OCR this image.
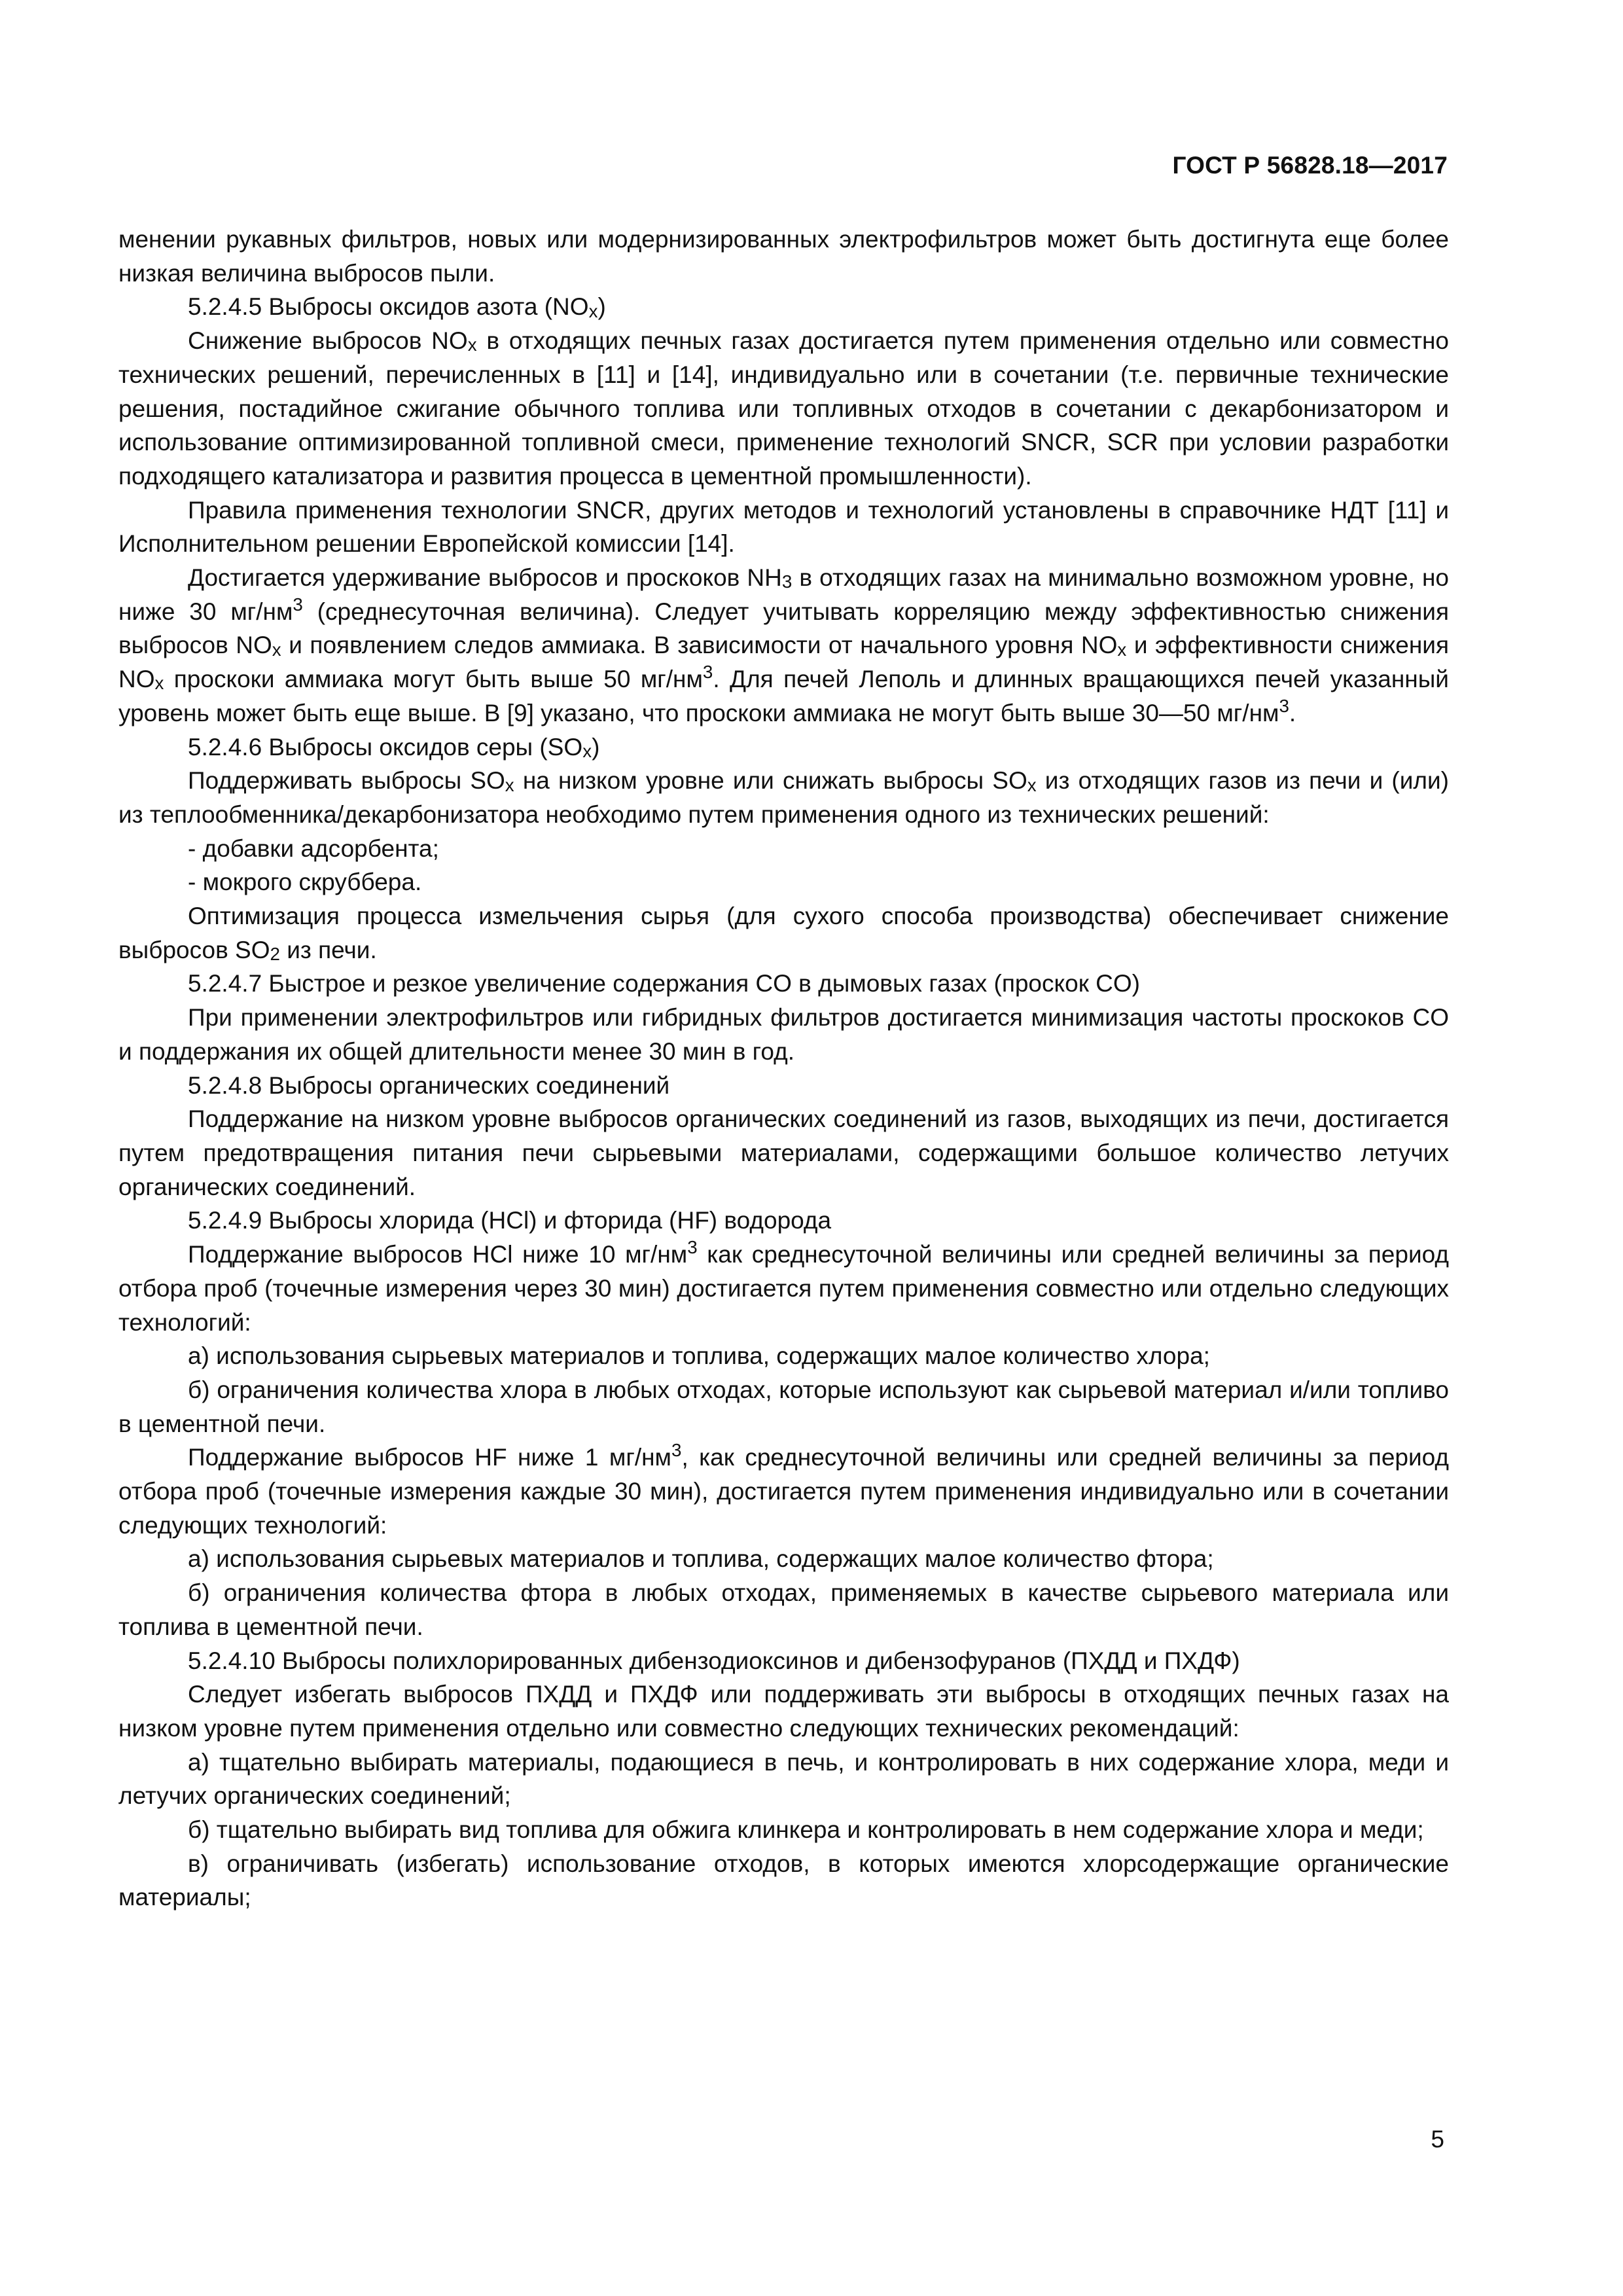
ГОСТ Р 56828.18—2017

менении рукавных фильтров, новых или модернизированных электрофильтров может быть достигнута еще более низкая величина выбросов пыли.

5.2.4.5 Выбросы оксидов азота $(NO_x)$

Снижение выбросов $NO_x$ в отходящих печных газах достигается путем применения отдельно или совместно технических решений, перечисленных в [11] и [14], индивидуально или в сочетании (т.е. первичные технические решения, постадийное сжигание обычного топлива или топливных отходов в сочетании с декарбонизатором и использование оптимизированной топливной смеси, применение технологий SNCR, SCR при условии разработки подходящего катализатора и развития процесса в цементной промышленности).

Правила применения технологии SNCR, других методов и технологий установлены в справочнике НДТ [11] и Исполнительном решении Европейской комиссии [14].

Достигается удерживание выбросов и проскоков $NH_3$ в отходящих газах на минимально возможном уровне, но ниже 30 $мг/нм^3$ (среднесуточная величина). Следует учитывать корреляцию между эффективностью снижения выбросов $NO_x$ и появлением следов аммиака. В зависимости от начального уровня $NO_x$ и эффективности снижения $NO_x$ проскоки аммиака могут быть выше 50 $мг/нм^3$. Для печей Леполь и длинных вращающихся печей указанный уровень может быть еще выше. В [9] указано, что проскоки аммиака не могут быть выше 30—50 $мг/нм^3$.

5.2.4.6 Выбросы оксидов серы $(SO_x)$

Поддерживать выбросы $SO_x$ на низком уровне или снижать выбросы $SO_x$ из отходящих газов из печи и (или) из теплообменника/декарбонизатора необходимо путем применения одного из технических решений:

- добавки адсорбента;

- мокрого скруббера.

Оптимизация процесса измельчения сырья (для сухого способа производства) обеспечивает снижение выбросов $SO_2$ из печи.

5.2.4.7 Быстрое и резкое увеличение содержания CO в дымовых газах (проскок CO)

При применении электрофильтров или гибридных фильтров достигается минимизация частоты проскоков CO и поддержания их общей длительности менее 30 мин в год.

5.2.4.8 Выбросы органических соединений

Поддержание на низком уровне выбросов органических соединений из газов, выходящих из печи, достигается путем предотвращения питания печи сырьевыми материалами, содержащими большое количество летучих органических соединений.

5.2.4.9 Выбросы хлорида (HCl) и фторида (HF) водорода

Поддержание выбросов HCl ниже 10 $мг/нм^3$ как среднесуточной величины или средней величины за период отбора проб (точечные измерения через 30 мин) достигается путем применения совместно или отдельно следующих технологий:

а) использования сырьевых материалов и топлива, содержащих малое количество хлора;

б) ограничения количества хлора в любых отходах, которые используют как сырьевой материал и/или топливо в цементной печи.

Поддержание выбросов HF ниже 1 $мг/нм^3$, как среднесуточной величины или средней величины за период отбора проб (точечные измерения каждые 30 мин), достигается путем применения индивидуально или в сочетании следующих технологий:

а) использования сырьевых материалов и топлива, содержащих малое количество фтора;

б) ограничения количества фтора в любых отходах, применяемых в качестве сырьевого материала или топлива в цементной печи.

5.2.4.10 Выбросы полихлорированных дибензодиоксинов и дибензофуранов (ПХДД и ПХДФ)

Следует избегать выбросов ПХДД и ПХДФ или поддерживать эти выбросы в отходящих печных газах на низком уровне путем применения отдельно или совместно следующих технических рекомендаций:

а) тщательно выбирать материалы, подающиеся в печь, и контролировать в них содержание хлора, меди и летучих органических соединений;

б) тщательно выбирать вид топлива для обжига клинкера и контролировать в нем содержание хлора и меди;

в) ограничивать (избегать) использование отходов, в которых имеются хлорсодержащие органические материалы;

5
